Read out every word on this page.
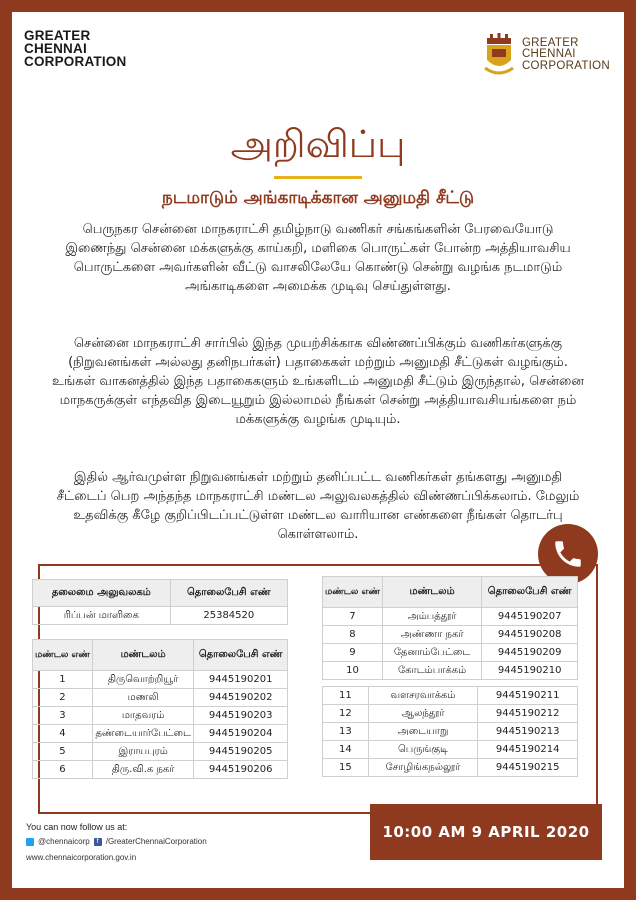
GREATER
CHENNAI
CORPORATION
GREATER
CHENNAI
CORPORATION
அறிவிப்பு
நடமாடும் அங்காடிக்கான அனுமதி சீட்டு
பெருநகர சென்னை மாநகராட்சி தமிழ்நாடு வணிகர் சங்கங்களின் பேரவையோடு இணைந்து சென்னை மக்களுக்கு காய்கறி, மளிகை பொருட்கள் போன்ற அத்தியாவசிய பொருட்களை அவர்களின் வீட்டு வாசலிலேயே கொண்டு சென்று வழங்க நடமாடும் அங்காடிகளை அமைக்க முடிவு செய்துள்ளது.
சென்னை மாநகராட்சி சார்பில் இந்த முயற்சிக்காக விண்ணப்பிக்கும் வணிகர்களுக்கு (நிறுவனங்கள் அல்லது தனிநபர்கள்) பதாகைகள் மற்றும் அனுமதி சீட்டுகள் வழங்கும். உங்கள் வாகனத்தில் இந்த பதாகைகளும் உங்களிடம் அனுமதி சீட்டும் இருந்தால், சென்னை மாநகருக்குள் எந்தவித இடையூறும் இல்லாமல் நீங்கள் சென்று அத்தியாவசியங்களை நம் மக்களுக்கு வழங்க முடியும்.
இதில் ஆர்வமுள்ள நிறுவனங்கள் மற்றும் தனிப்பட்ட வணிகர்கள் தங்களது அனுமதி சீட்டைப் பெற அந்தந்த மாநகராட்சி மண்டல அலுவலகத்தில் விண்ணப்பிக்கலாம். மேலும் உதவிக்கு கீழே குறிப்பிடப்பட்டுள்ள மண்டல வாரியான எண்களை நீங்கள் தொடர்பு கொள்ளலாம்.
தலைமை அலுவலகம்	தொலைபேசி எண்
ரிப்பன் மாளிகை	25384520
மண்டல எண்	மண்டலம்	தொலைபேசி எண்
1	திருவொற்றியூர்	9445190201
2	மணலி	9445190202
3	மாதவரம்	9445190203
4	தண்டையார்பேட்டை	9445190204
5	இராயபுரம்	9445190205
6	திரு.வி.க நகர்	9445190206
மண்டல எண்	மண்டலம்	தொலைபேசி எண்
7	அம்பத்தூர்	9445190207
8	அண்ணா நகர்	9445190208
9	தேனாம்பேட்டை	9445190209
10	கோடம்பாக்கம்	9445190210
11	வளசரவாக்கம்	9445190211
12	ஆலந்தூர்	9445190212
13	அடையாறு	9445190213
14	பெருங்குடி	9445190214
15	சோழிங்கநல்லூர்	9445190215
You can now follow us at:
@chennaicorp	f /GreaterChennaiCorporation
www.chennaicorporation.gov.in
10:00 AM 9 APRIL 2020
